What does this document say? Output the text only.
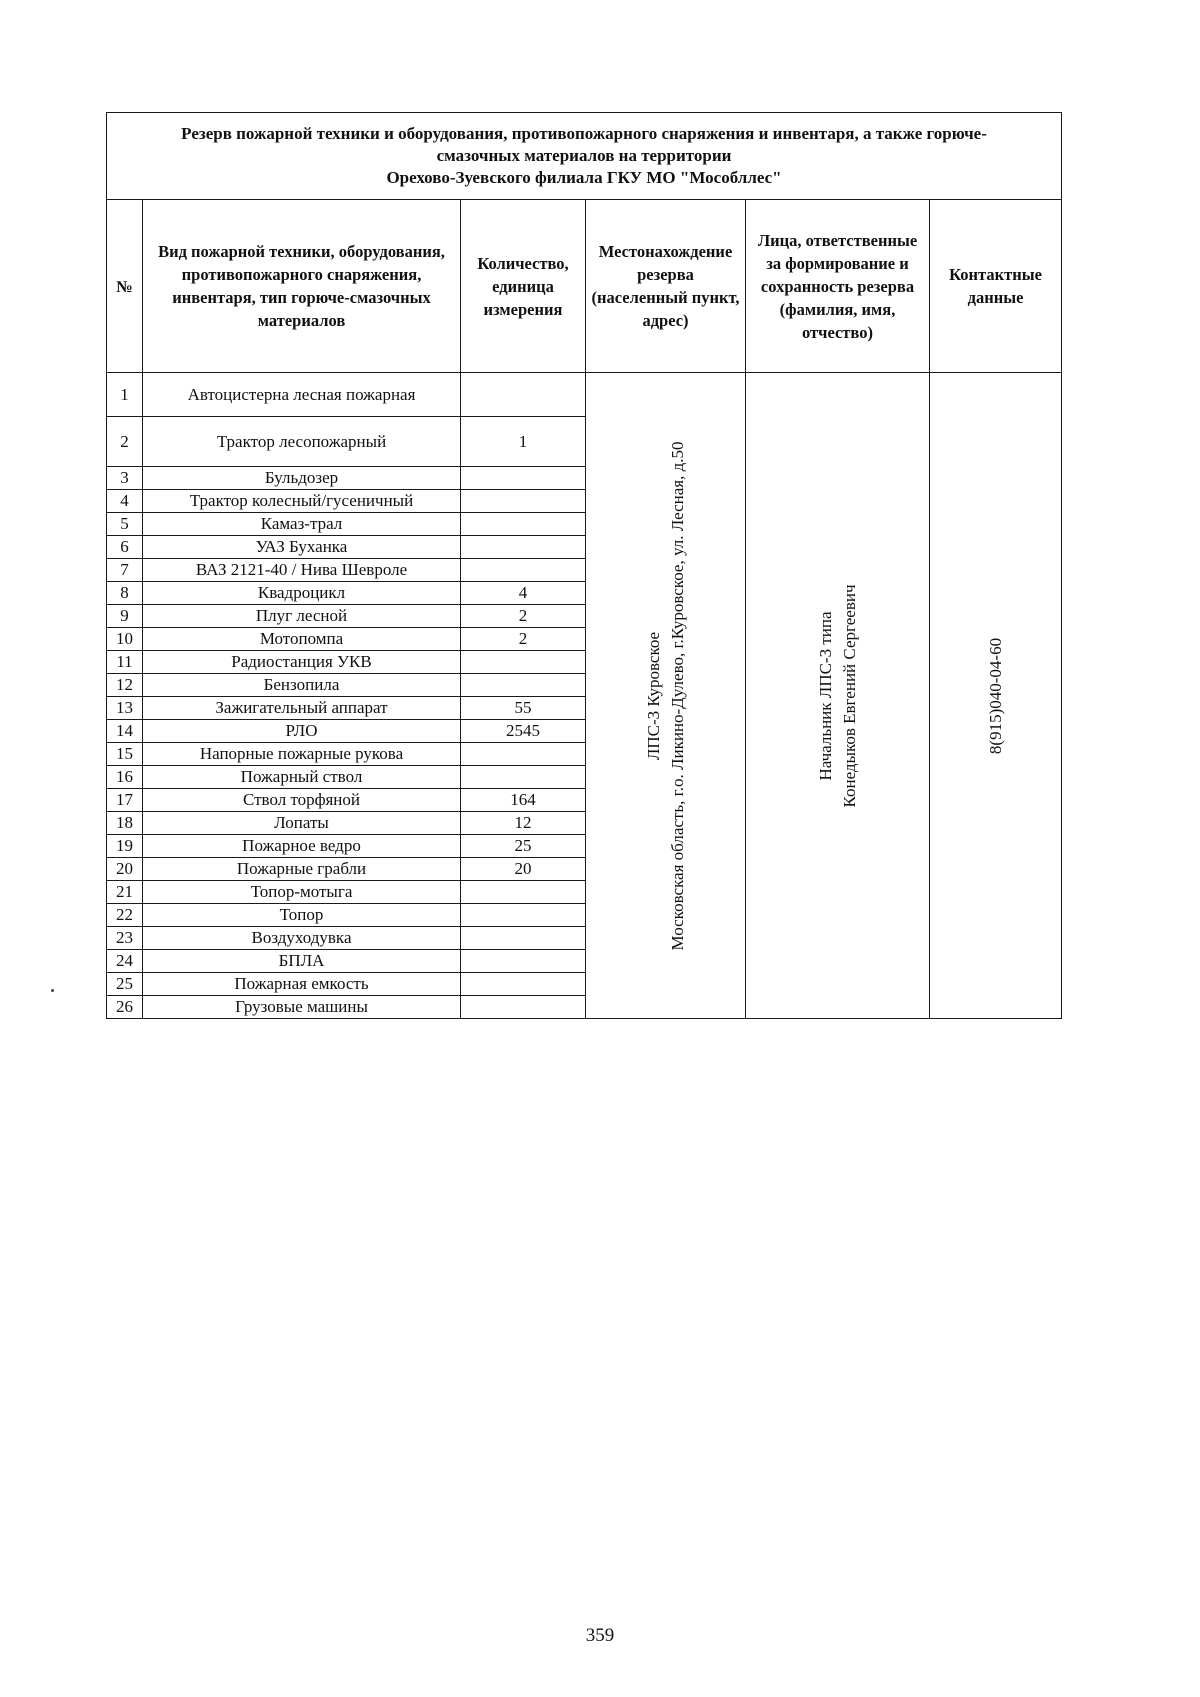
Резерв пожарной техники и оборудования, противопожарного снаряжения и инвентаря, а также горюче-
смазочных материалов на территории
Орехово-Зуевского филиала ГКУ МО "Мособллес"					

№	Вид пожарной техники, оборудования, противопожарного снаряжения, инвентаря, тип горюче-смазочных материалов	Количество, единица измерения	Местонахождение резерва (населенный пункт, адрес)	Лица, ответственные за формирование и сохранность резерва (фамилия, имя, отчество)	Контактные данные
1	Автоцистерна лесная пожарная		ЛПС-3 Куровское Московская область, г.о. Ликино-Дулево, г.Куровское, ул. Лесная, д.50	Начальник ЛПС-3 типа Конедыков Евгений Сергеевич	8(915)040-04-60

2	Трактор лесопожарный	1			
3	Бульдозер				
4	Трактор колесный/гусеничный				
5	Камаз-трал				
6	УАЗ Буханка				
7	ВАЗ 2121-40 / Нива Шевроле				
8	Квадроцикл	4			
9	Плуг лесной	2			
10	Мотопомпа	2			
11	Радиостанция УКВ				
12	Бензопила				
13	Зажигательный аппарат	55			
14	РЛО	2545			
15	Напорные пожарные рукова				
16	Пожарный ствол				
17	Ствол торфяной	164			
18	Лопаты	12			
19	Пожарное ведро	25			
20	Пожарные грабли	20			
21	Топор-мотыга				
22	Топор				
23	Воздуходувка				
24	БПЛА				
25	Пожарная емкость				
26	Грузовые машины				
359
